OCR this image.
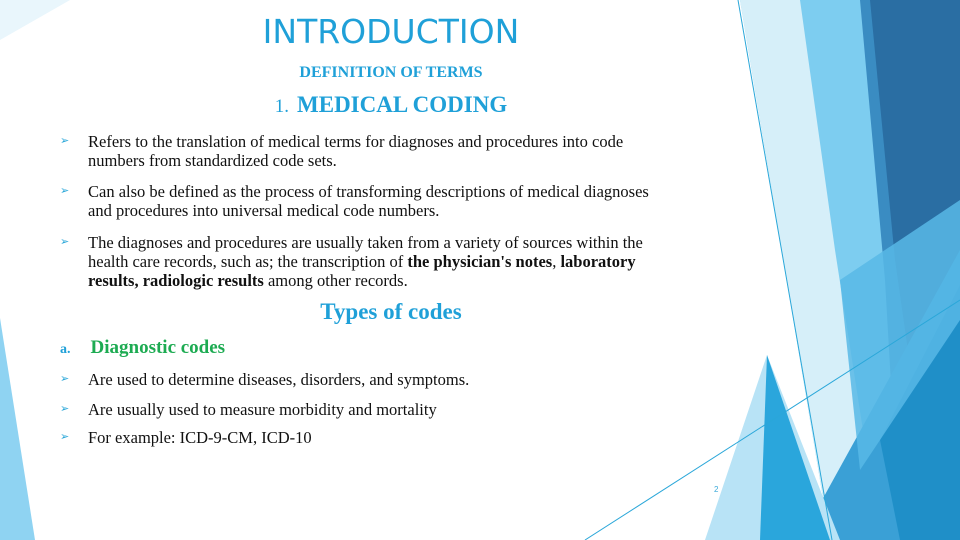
INTRODUCTION
DEFINITION OF TERMS
1. MEDICAL CODING
➢ Refers to the translation of medical terms for diagnoses and procedures into code
numbers from standardized code sets.
➢ Can also be defined as the process of transforming descriptions of medical diagnoses
and procedures into universal medical code numbers.
➢ The diagnoses and procedures are usually taken from a variety of sources within the
health care records, such as; the transcription of the physician's notes, laboratory
results, radiologic results among other records.
Types of codes
a. Diagnostic codes
➢ Are used to determine diseases, disorders, and symptoms.
➢ Are usually used to measure morbidity and mortality
➢ For example: ICD-9-CM, ICD-10
2
